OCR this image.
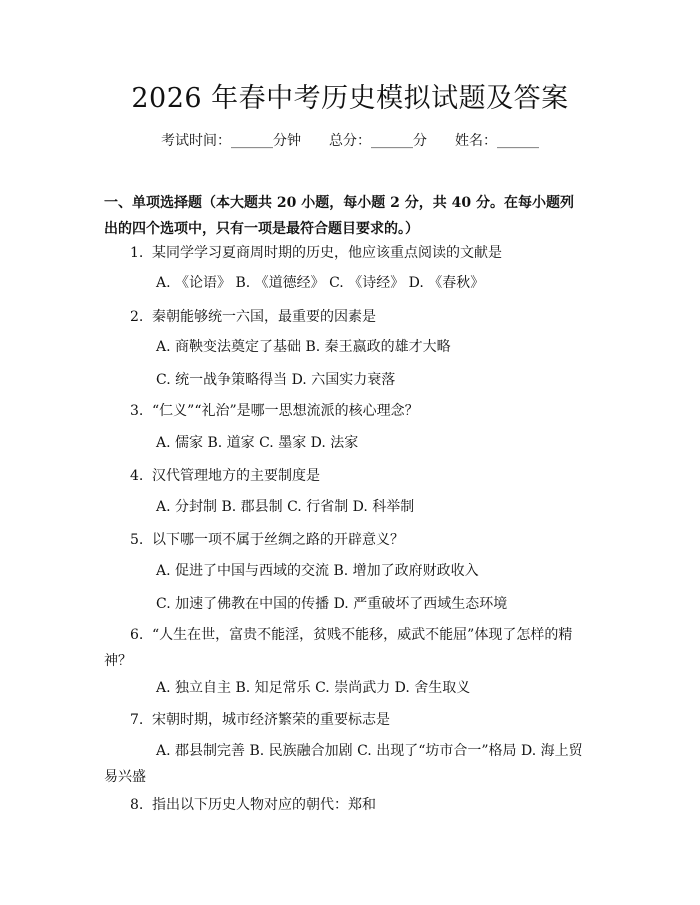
2026 年春中考历史模拟试题及答案
考试时间：______分钟 总分：______分 姓名：______
一、单项选择题（本大题共 20 小题，每小题 2 分，共 40 分。在每小题列出的四个选项中，只有一项是最符合题目要求的。）
1. 某同学学习夏商周时期的历史，他应该重点阅读的文献是
A. 《论语》 B. 《道德经》 C. 《诗经》 D. 《春秋》
2. 秦朝能够统一六国，最重要的因素是
A. 商鞅变法奠定了基础 B. 秦王嬴政的雄才大略
C. 统一战争策略得当 D. 六国实力衰落
3. “仁义”“礼治”是哪一思想流派的核心理念？
A. 儒家 B. 道家 C. 墨家 D. 法家
4. 汉代管理地方的主要制度是
A. 分封制 B. 郡县制 C. 行省制 D. 科举制
5. 以下哪一项不属于丝绸之路的开辟意义？
A. 促进了中国与西域的交流 B. 增加了政府财政收入
C. 加速了佛教在中国的传播 D. 严重破坏了西域生态环境
6. “人生在世，富贵不能淫，贫贱不能移，威武不能屈”体现了怎样的精神？
A. 独立自主 B. 知足常乐 C. 崇尚武力 D. 舍生取义
7. 宋朝时期，城市经济繁荣的重要标志是
A. 郡县制完善 B. 民族融合加剧 C. 出现了“坊市合一”格局 D. 海上贸易兴盛
8. 指出以下历史人物对应的朝代：郑和
